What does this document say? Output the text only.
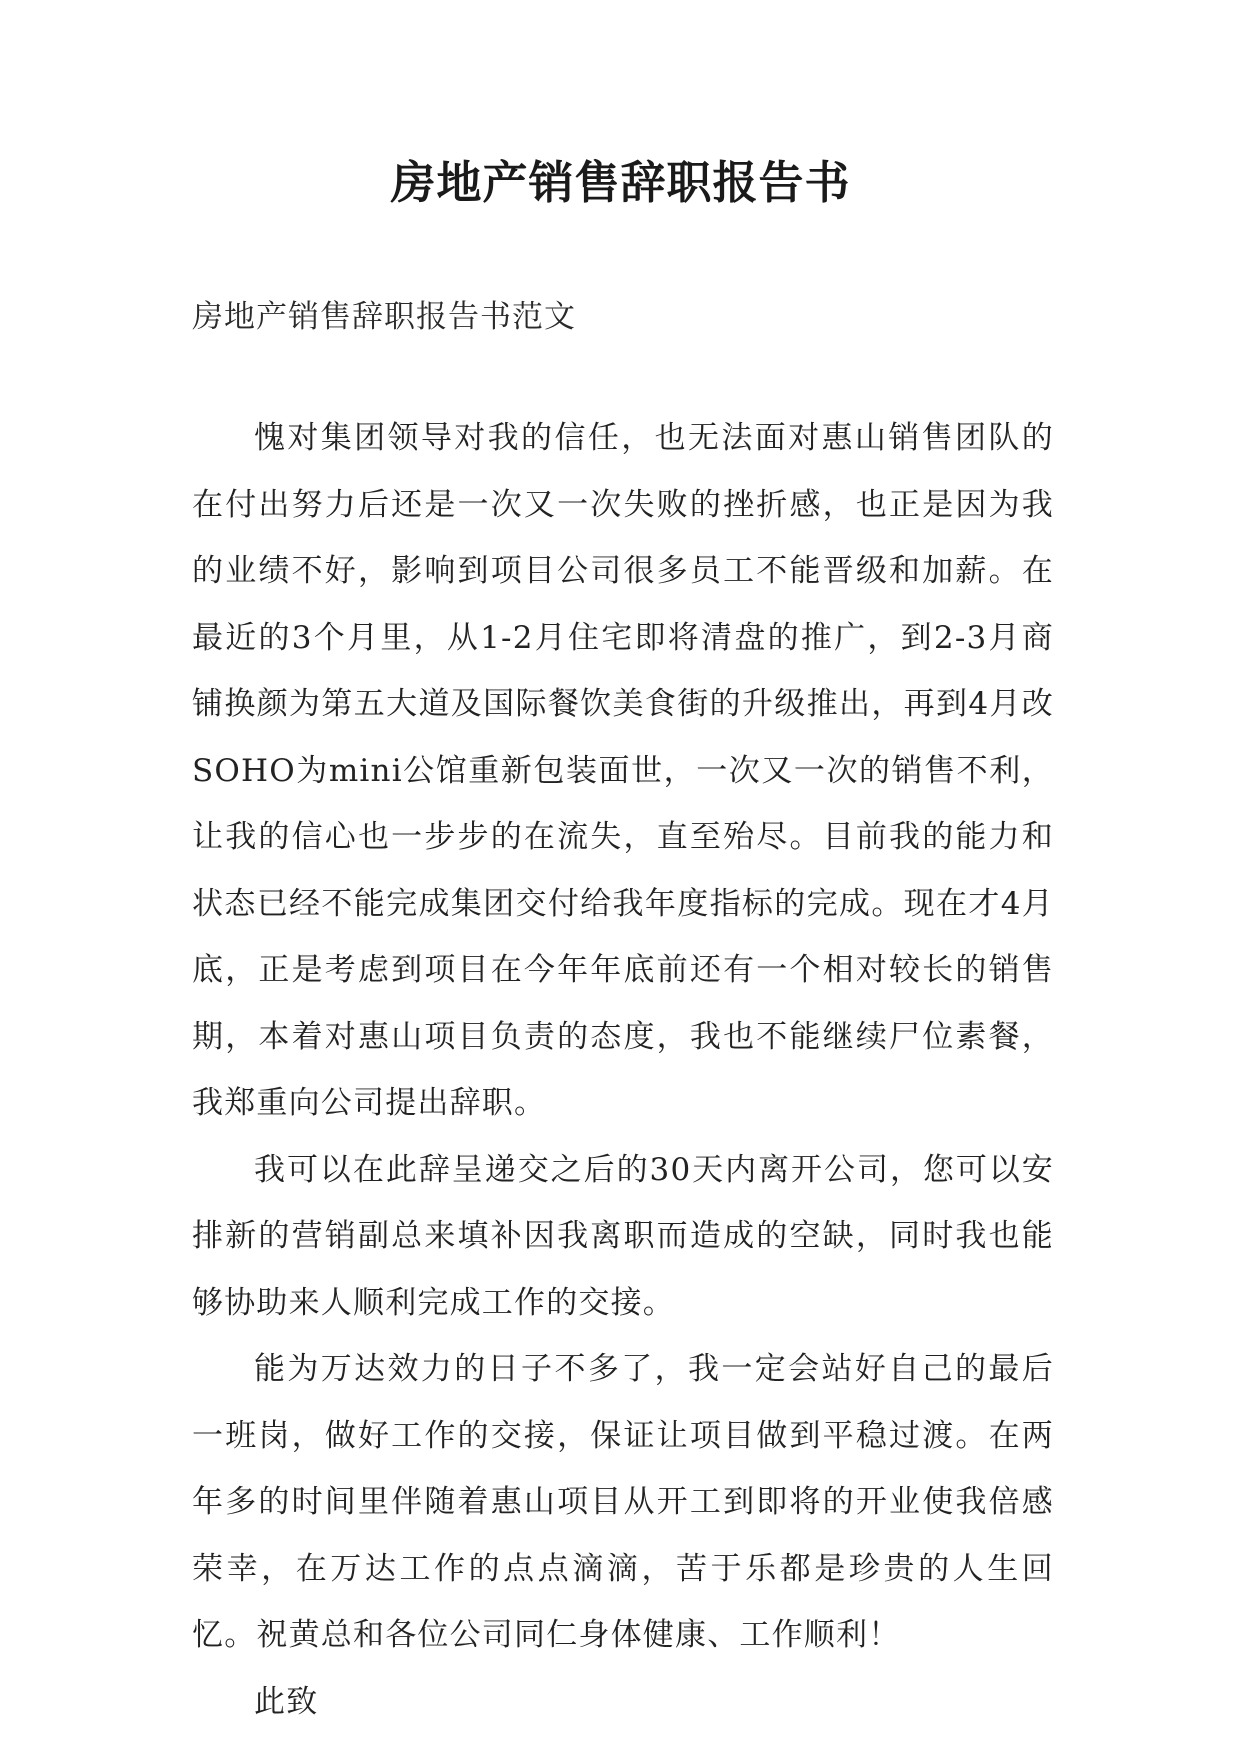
房地产销售辞职报告书

房地产销售辞职报告书范文

愧对集团领导对我的信任，也无法面对惠山销售团队的在付出努力后还是一次又一次失败的挫折感，也正是因为我的业绩不好，影响到项目公司很多员工不能晋级和加薪。在最近的3个月里，从1-2月住宅即将清盘的推广，到2-3月商铺换颜为第五大道及国际餐饮美食街的升级推出，再到4月改SOHO为mini公馆重新包装面世，一次又一次的销售不利，让我的信心也一步步的在流失，直至殆尽。目前我的能力和状态已经不能完成集团交付给我年度指标的完成。现在才4月底，正是考虑到项目在今年年底前还有一个相对较长的销售期，本着对惠山项目负责的态度，我也不能继续尸位素餐，我郑重向公司提出辞职。

我可以在此辞呈递交之后的30天内离开公司，您可以安排新的营销副总来填补因我离职而造成的空缺，同时我也能够协助来人顺利完成工作的交接。

能为万达效力的日子不多了，我一定会站好自己的最后一班岗，做好工作的交接，保证让项目做到平稳过渡。在两年多的时间里伴随着惠山项目从开工到即将的开业使我倍感荣幸，在万达工作的点点滴滴，苦于乐都是珍贵的人生回忆。祝黄总和各位公司同仁身体健康、工作顺利！

此致
